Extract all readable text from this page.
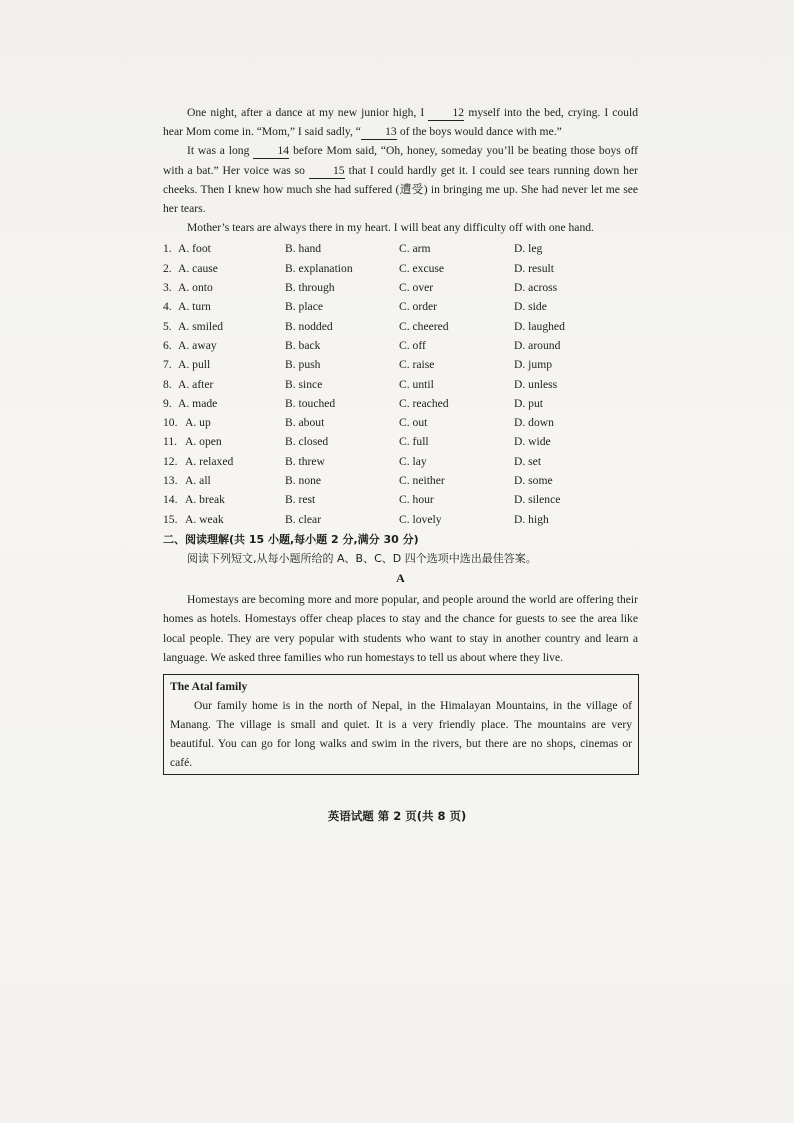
One night, after a dance at my new junior high, I 12 myself into the bed, crying. I could hear Mom come in. “Mom,” I said sadly, “ 13 of the boys would dance with me.”

It was a long 14 before Mom said, “Oh, honey, someday you’ll be beating those boys off with a bat.” Her voice was so 15 that I could hardly get it. I could see tears running down her cheeks. Then I knew how much she had suffered (遭受) in bringing me up. She had never let me see her tears.

Mother’s tears are always there in my heart. I will beat any difficulty off with one hand.

1. A. foot	B. hand	C. arm	D. leg
2. A. cause	B. explanation	C. excuse	D. result
3. A. onto	B. through	C. over	D. across
4. A. turn	B. place	C. order	D. side
5. A. smiled	B. nodded	C. cheered	D. laughed
6. A. away	B. back	C. off	D. around
7. A. pull	B. push	C. raise	D. jump
8. A. after	B. since	C. until	D. unless
9. A. made	B. touched	C. reached	D. put
10. A. up	B. about	C. out	D. down
11. A. open	B. closed	C. full	D. wide
12. A. relaxed	B. threw	C. lay	D. set
13. A. all	B. none	C. neither	D. some
14. A. break	B. rest	C. hour	D. silence
15. A. weak	B. clear	C. lovely	D. high
二、阅读理解(共 15 小题,每小题 2 分,满分 30 分)
阅读下列短文,从每小题所给的 A、B、C、D 四个选项中选出最佳答案。
A

Homestays are becoming more and more popular, and people around the world are offering their homes as hotels. Homestays offer cheap places to stay and the chance for guests to see the area like local people. They are very popular with students who want to stay in another country and learn a language. We asked three families who run homestays to tell us about where they live.

The Atal family

Our family home is in the north of Nepal, in the Himalayan Mountains, in the village of Manang. The village is small and quiet. It is a very friendly place. The mountains are very beautiful. You can go for long walks and swim in the rivers, but there are no shops, cinemas or café.

英语试题 第 2 页(共 8 页)
